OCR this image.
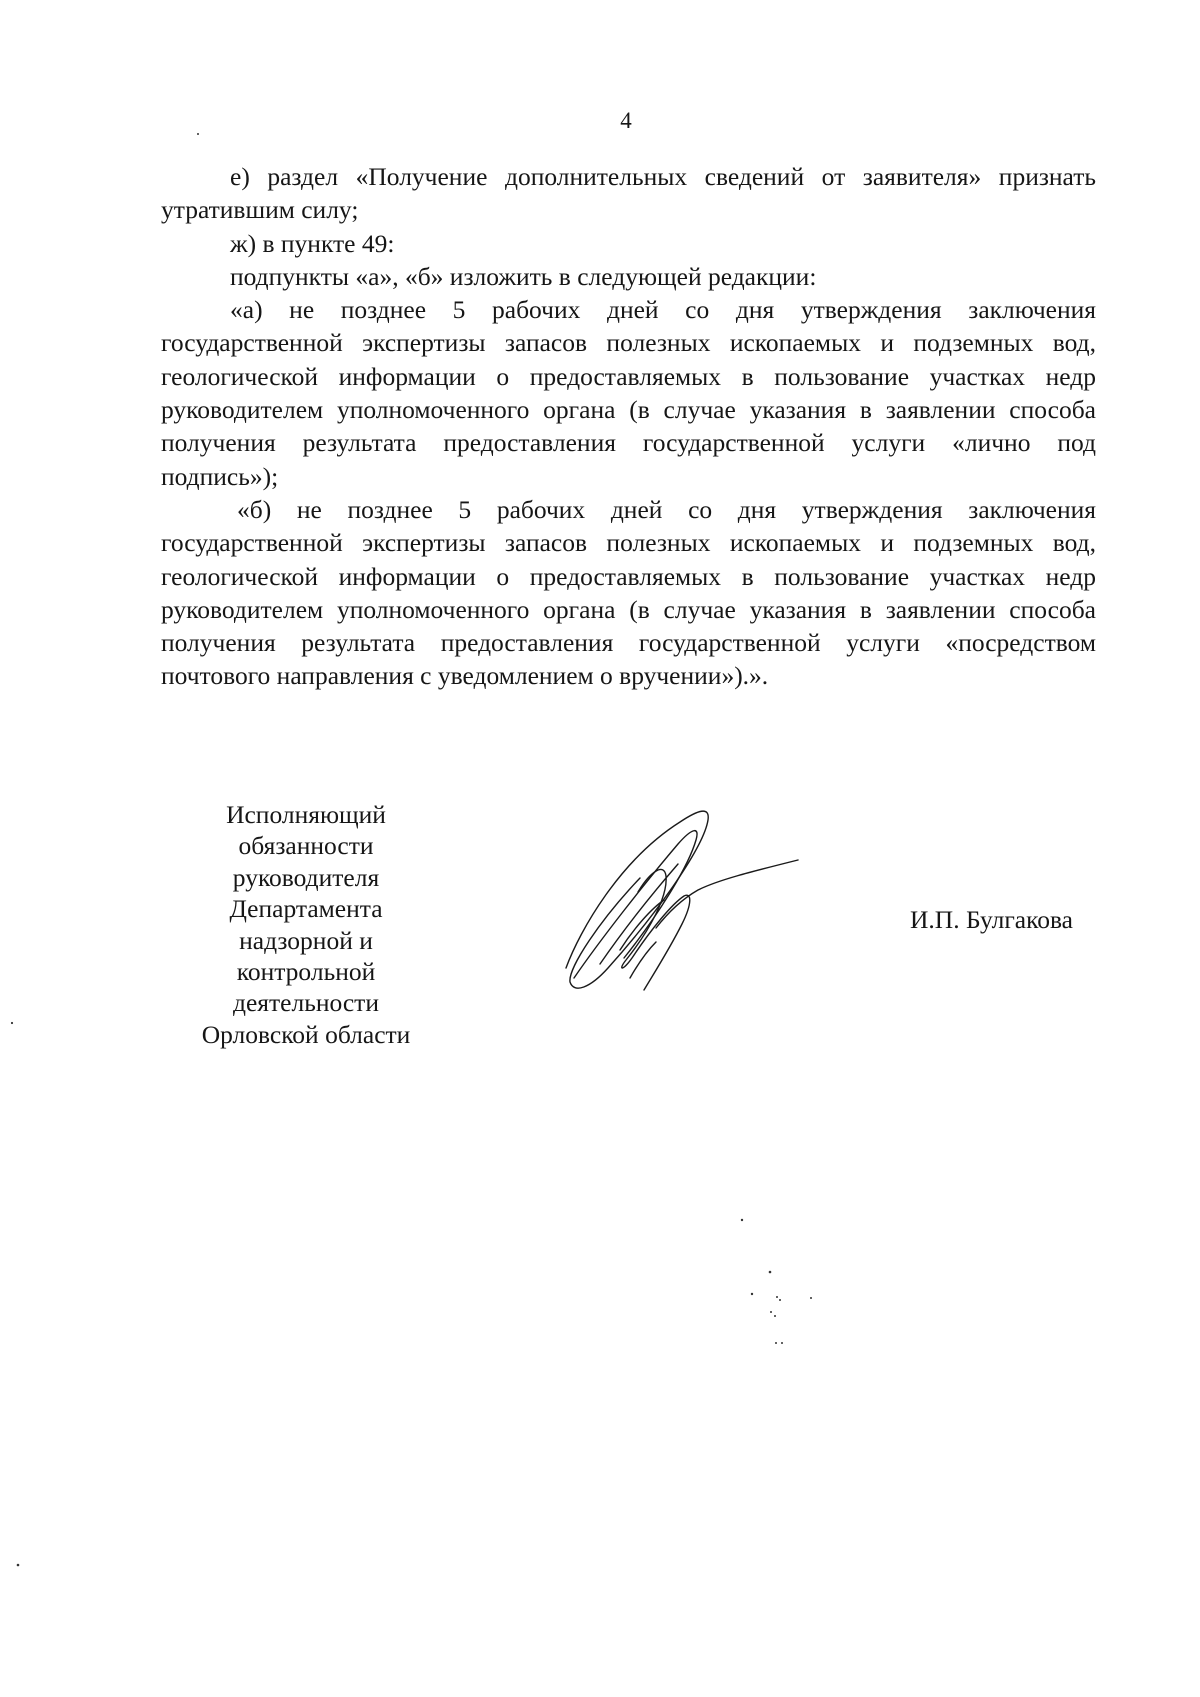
4

е) раздел «Получение дополнительных сведений от заявителя» признать утратившим силу;

ж) в пункте 49:

подпункты «а», «б» изложить в следующей редакции:

«а) не позднее 5 рабочих дней со дня утверждения заключения государственной экспертизы запасов полезных ископаемых и подземных вод, геологической информации о предоставляемых в пользование участках недр руководителем уполномоченного органа (в случае указания в заявлении способа получения результата предоставления государственной услуги «лично под подпись»);

«б) не позднее 5 рабочих дней со дня утверждения заключения государственной экспертизы запасов полезных ископаемых и подземных вод, геологической информации о предоставляемых в пользование участках недр руководителем уполномоченного органа (в случае указания в заявлении способа получения результата предоставления государственной услуги «посредством почтового направления с уведомлением о вручении»).».

Исполняющий
обязанности
руководителя
Департамента
надзорной и
контрольной
деятельности
Орловской области
И.П. Булгакова
